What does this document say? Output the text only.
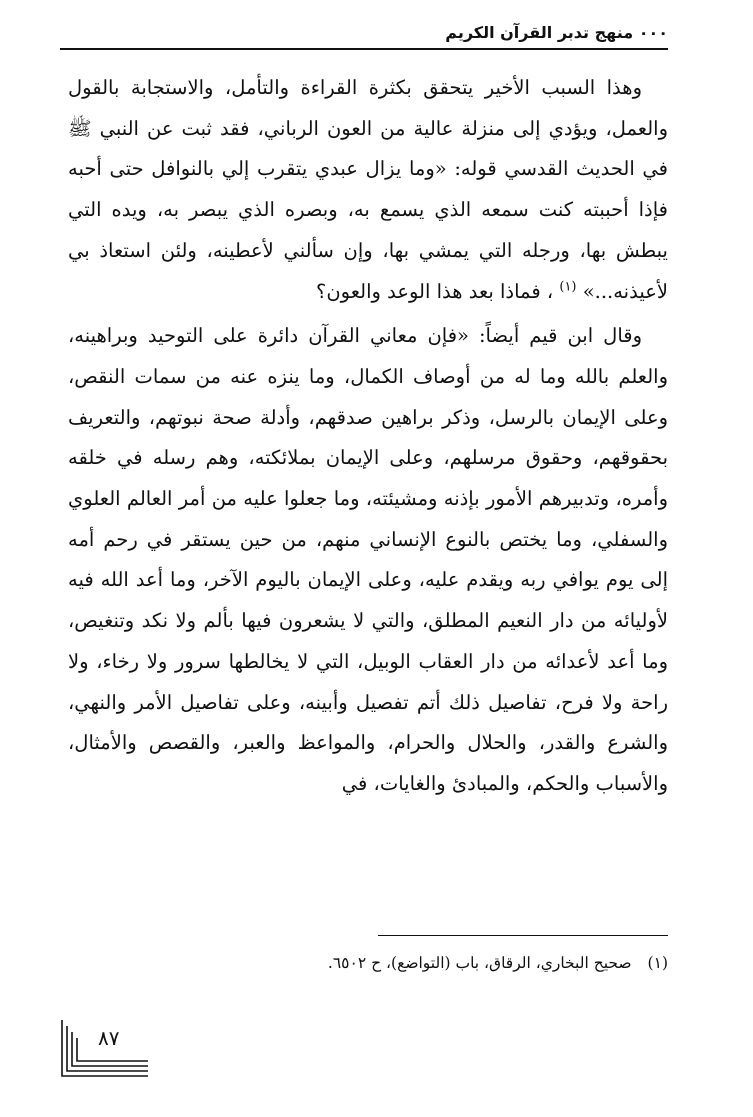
٠٠٠ منهج تدبر القرآن الكريم

وهذا السبب الأخير يتحقق بكثرة القراءة والتأمل، والاستجابة بالقول والعمل، ويؤدي إلى منزلة عالية من العون الرباني، فقد ثبت عن النبي ﷺ في الحديث القدسي قوله: «وما يزال عبدي يتقرب إلي بالنوافل حتى أحبه فإذا أحببته كنت سمعه الذي يسمع به، وبصره الذي يبصر به، ويده التي يبطش بها، ورجله التي يمشي بها، وإن سألني لأعطينه، ولئن استعاذ بي لأعيذنه...» $^{(١)}$ ، فماذا بعد هذا الوعد والعون؟

وقال ابن قيم أيضاً: «فإن معاني القرآن دائرة على التوحيد وبراهينه، والعلم بالله وما له من أوصاف الكمال، وما ينزه عنه من سمات النقص، وعلى الإيمان بالرسل، وذكر براهين صدقهم، وأدلة صحة نبوتهم، والتعريف بحقوقهم، وحقوق مرسلهم، وعلى الإيمان بملائكته، وهم رسله في خلقه وأمره، وتدبيرهم الأمور بإذنه ومشيئته، وما جعلوا عليه من أمر العالم العلوي والسفلي، وما يختص بالنوع الإنساني منهم، من حين يستقر في رحم أمه إلى يوم يوافي ربه ويقدم عليه، وعلى الإيمان باليوم الآخر، وما أعد الله فيه لأوليائه من دار النعيم المطلق، والتي لا يشعرون فيها بألم ولا نكد وتنغيص، وما أعد لأعدائه من دار العقاب الوبيل، التي لا يخالطها سرور ولا رخاء، ولا راحة ولا فرح، تفاصيل ذلك أتم تفصيل وأبينه، وعلى تفاصيل الأمر والنهي، والشرع والقدر، والحلال والحرام، والمواعظ والعبر، والقصص والأمثال، والأسباب والحكم، والمبادئ والغايات، في

(١)صحيح البخاري، الرقاق، باب (التواضع)، ح ٦٥٠٢.
٨٧
